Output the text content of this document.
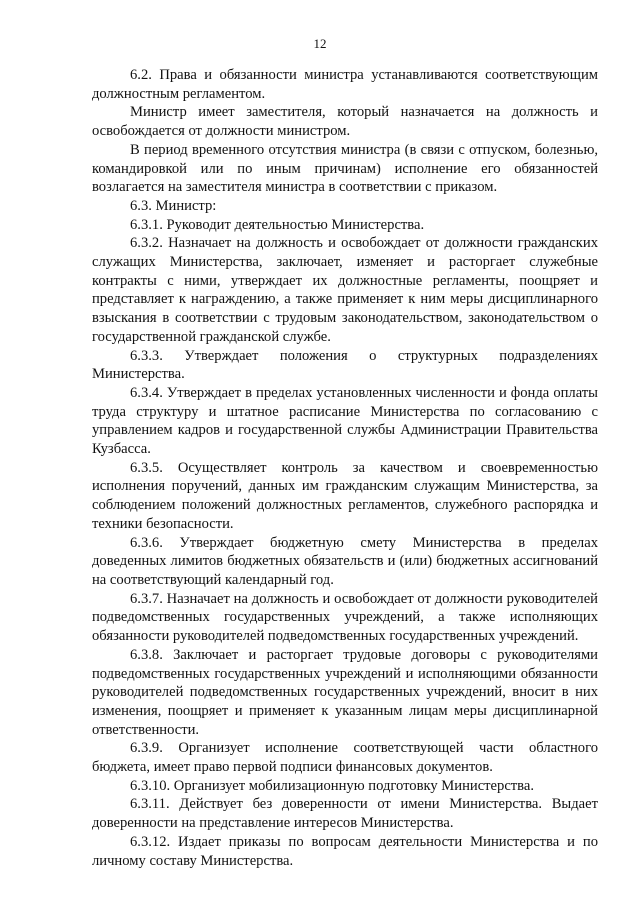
12

6.2. Права и обязанности министра устанавливаются соответствующим должностным регламентом.

Министр имеет заместителя, который назначается на должность и освобождается от должности министром.

В период временного отсутствия министра (в связи с отпуском, болезнью, командировкой или по иным причинам) исполнение его обязанностей возлагается на заместителя министра в соответствии с приказом.

6.3. Министр:

6.3.1. Руководит деятельностью Министерства.

6.3.2. Назначает на должность и освобождает от должности гражданских служащих Министерства, заключает, изменяет и расторгает служебные контракты с ними, утверждает их должностные регламенты, поощряет и представляет к награждению, а также применяет к ним меры дисциплинарного взыскания в соответствии с трудовым законодательством, законодательством о государственной гражданской службе.

6.3.3. Утверждает положения о структурных подразделениях Министерства.

6.3.4. Утверждает в пределах установленных численности и фонда оплаты труда структуру и штатное расписание Министерства по согласованию с управлением кадров и государственной службы Администрации Правительства Кузбасса.

6.3.5. Осуществляет контроль за качеством и своевременностью исполнения поручений, данных им гражданским служащим Министерства, за соблюдением положений должностных регламентов, служебного распорядка и техники безопасности.

6.3.6. Утверждает бюджетную смету Министерства в пределах доведенных лимитов бюджетных обязательств и (или) бюджетных ассигнований на соответствующий календарный год.

6.3.7. Назначает на должность и освобождает от должности руководителей подведомственных государственных учреждений, а также исполняющих обязанности руководителей подведомственных государственных учреждений.

6.3.8. Заключает и расторгает трудовые договоры с руководителями подведомственных государственных учреждений и исполняющими обязанности руководителей подведомственных государственных учреждений, вносит в них изменения, поощряет и применяет к указанным лицам меры дисциплинарной ответственности.

6.3.9. Организует исполнение соответствующей части областного бюджета, имеет право первой подписи финансовых документов.

6.3.10. Организует мобилизационную подготовку Министерства.

6.3.11. Действует без доверенности от имени Министерства. Выдает доверенности на представление интересов Министерства.

6.3.12. Издает приказы по вопросам деятельности Министерства и по личному составу Министерства.
